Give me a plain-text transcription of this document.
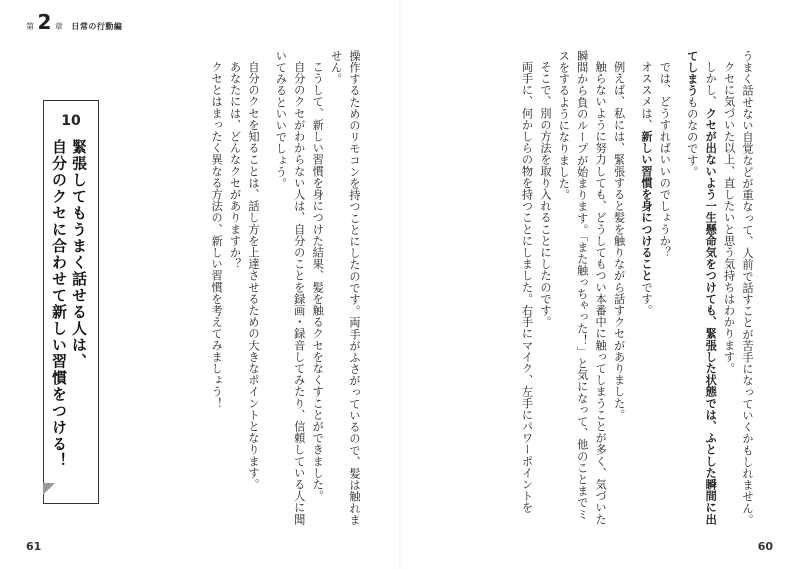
第 2 章 日常の行動編
10
緊張してもうまく話せる人は、
自分のクセに合わせて新しい習慣をつける！	操作するためのリモコンを持つことにしたのです。両手がふさがっているので、髪は触れません。

こうして、新しい習慣を身につけた結果、髪を触るクセをなくすことができました。

自分のクセがわからない人は、自分のことを録画・録音してみたり、信頼している人に聞いてみるといいでしょう。

自分のクセを知ることは、話し方を上達させるための大きなポイントとなります。

あなたには、どんなクセがありますか？

クセとはまったく異なる方法の、新しい習慣を考えてみましょう！	うまく話せない自覚などが重なって、人前で話すことが苦手になっていくかもしれません。

クセに気づいた以上、直したいと思う気持ちはわかります。

しかし、クセが出ないよう一生懸命気をつけても、緊張した状態では、ふとした瞬間に出てしまうものなのです。

では、どうすればいいのでしょうか？

オススメは、新しい習慣を身につけることです。

例えば、私には、緊張すると髪を触りながら話すクセがありました。

触らないように努力しても、どうしてもつい本番中に触ってしまうことが多く、気づいた瞬間から負のループが始まります。「また触っちゃった！」と気になって、他のことまでミスをするようになりました。

そこで、別の方法を取り入れることにしたのです。

両手に、何かしらの物を持つことにしました。右手にマイク、左手にパワーポイントを

61	60
